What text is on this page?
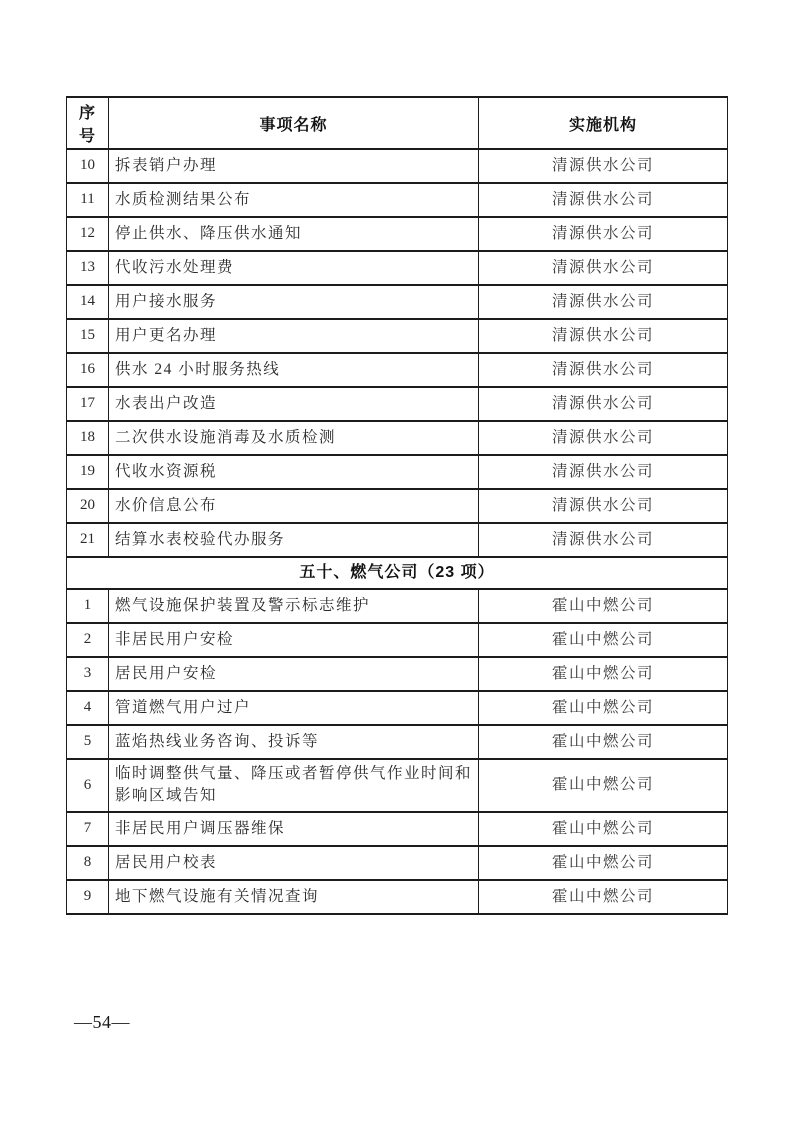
序号	事项名称	实施机构
10	拆表销户办理	清源供水公司
11	水质检测结果公布	清源供水公司
12	停止供水、降压供水通知	清源供水公司
13	代收污水处理费	清源供水公司
14	用户接水服务	清源供水公司
15	用户更名办理	清源供水公司
16	供水 24 小时服务热线	清源供水公司
17	水表出户改造	清源供水公司
18	二次供水设施消毒及水质检测	清源供水公司
19	代收水资源税	清源供水公司
20	水价信息公布	清源供水公司
21	结算水表校验代办服务	清源供水公司
五十、燃气公司（23 项）		
1	燃气设施保护装置及警示标志维护	霍山中燃公司
2	非居民用户安检	霍山中燃公司
3	居民用户安检	霍山中燃公司
4	管道燃气用户过户	霍山中燃公司
5	蓝焰热线业务咨询、投诉等	霍山中燃公司
6	临时调整供气量、降压或者暂停供气作业时间和影响区域告知	霍山中燃公司
7	非居民用户调压器维保	霍山中燃公司
8	居民用户校表	霍山中燃公司
9	地下燃气设施有关情况查询	霍山中燃公司
—54—
